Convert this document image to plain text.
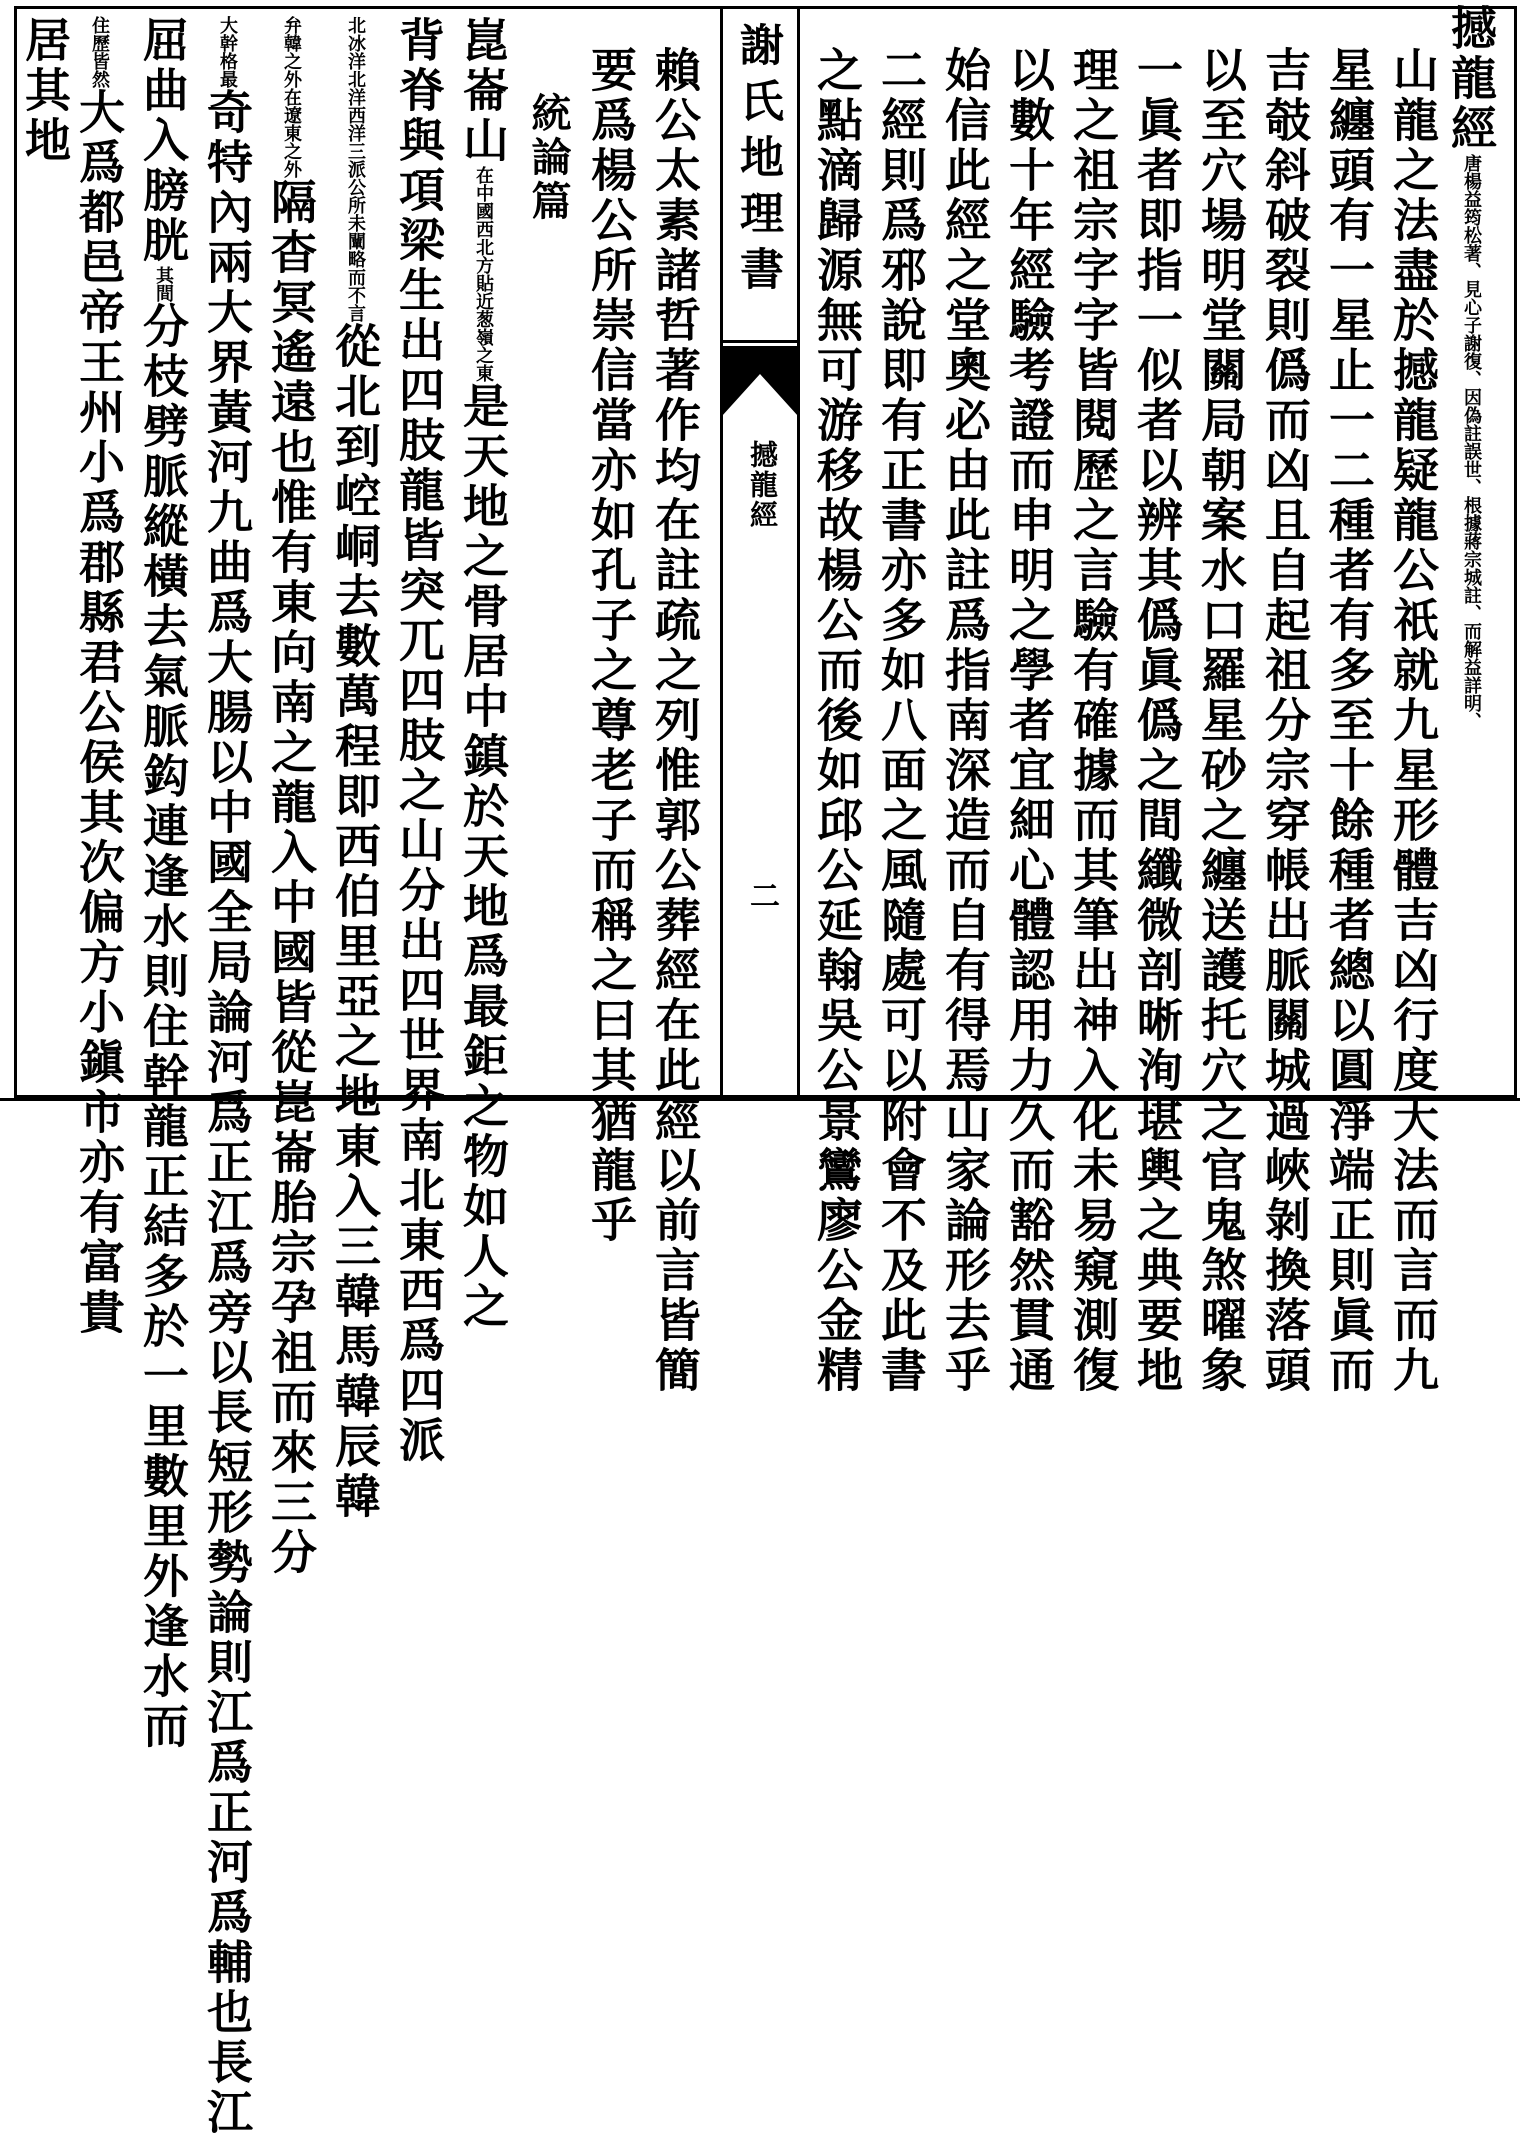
撼龍經唐楊益筠松著、見心子謝復、因偽註誤世、根據蔣宗城註、而解益詳明、
山龍之法盡於撼龍疑龍公祇就九星形體吉凶行度大法而言而九
星纏頭有一星止一二種者有多至十餘種者總以圓淨端正則眞而
吉攲斜破裂則僞而凶且自起祖分宗穿帳出脈關城過峽剝換落頭
以至穴場明堂關局朝案水口羅星砂之纏送護托穴之官鬼煞曜象
一眞者即指一似者以辨其僞眞僞之間纖微剖晰洵堪輿之典要地
理之祖宗字字皆閱歷之言驗有確據而其筆出神入化未易窺測復
以數十年經驗考證而申明之學者宜細心體認用力久而豁然貫通
始信此經之堂奧必由此註爲指南深造而自有得焉山家論形去乎
二經則爲邪說即有正書亦多如八面之風隨處可以附會不及此書
之點滴歸源無可游移故楊公而後如邱公延翰吳公景鸞廖公金精
謝氏地理書
撼龍經
二
賴公太素諸哲著作均在註疏之列惟郭公葬經在此經以前言皆簡
要爲楊公所崇信當亦如孔子之尊老子而稱之曰其猶龍乎
統論篇
崑崙山在中國西北方貼近葱嶺之東是天地之骨居中鎮於天地爲最鉅之物如人之
背脊與項梁生出四肢龍皆突兀四肢之山分出四世界南北東西爲四派
北冰洋北洋西洋三派公所未闡略而不言從北到崆峒去數萬程即西伯里亞之地東入三韓馬韓辰韓
弁韓之外在遼東之外隔杳冥遙遠也惟有東向南之龍入中國皆從崑崙胎宗孕祖而來三分
大幹格最奇特內兩大界黃河九曲爲大腸以中國全局論河爲正江爲旁以長短形勢論則江爲正河爲輔也長江
屈曲入膀胱其間分枝劈脈縱橫去氣脈鈎連逢水則住幹龍正結多於一里數里外逢水而
住歷皆然大爲都邑帝王州小爲郡縣君公侯其次偏方小鎭市亦有富貴
居其地
